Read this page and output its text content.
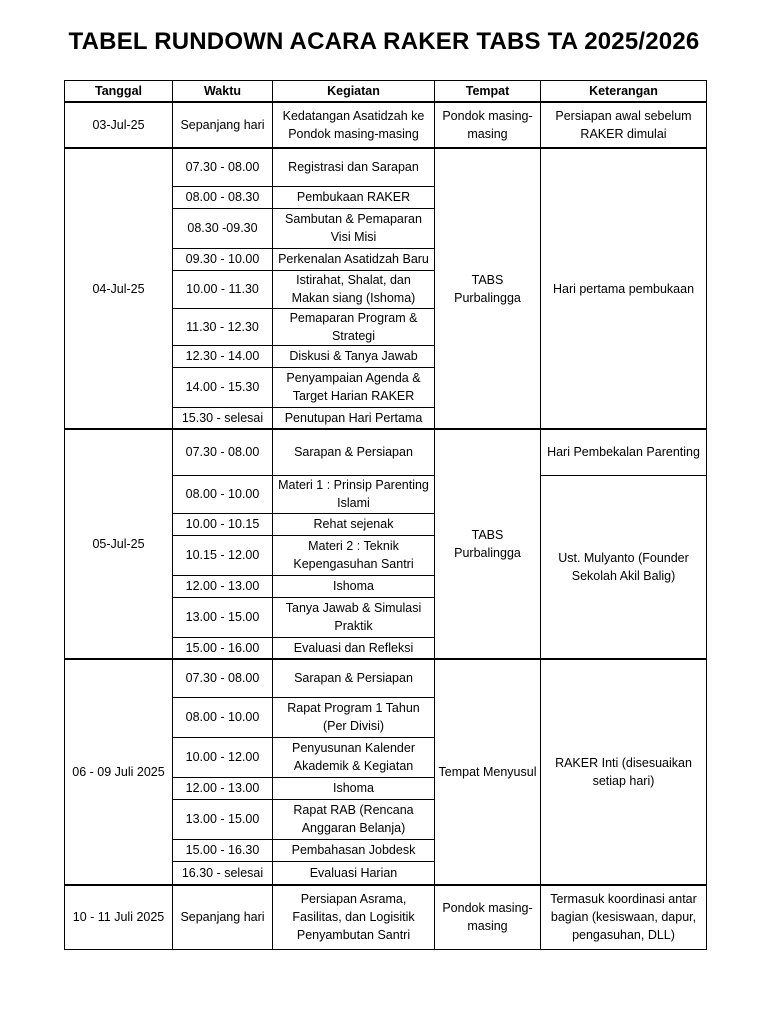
TABEL RUNDOWN ACARA RAKER TABS TA 2025/2026
Tanggal	Waktu	Kegiatan	Tempat	Keterangan
03-Jul-25	Sepanjang hari	Kedatangan Asatidzah ke Pondok masing-masing	Pondok masing-masing	Persiapan awal sebelum RAKER dimulai
04-Jul-25	07.30 - 08.00	Registrasi dan Sarapan	TABS Purbalingga	Hari pertama pembukaan
	08.00 - 08.30	Pembukaan RAKER		
	08.30 -09.30	Sambutan & Pemaparan Visi Misi		
	09.30 - 10.00	Perkenalan Asatidzah Baru		
	10.00 - 11.30	Istirahat, Shalat, dan Makan siang (Ishoma)		
	11.30 - 12.30	Pemaparan Program & Strategi		
	12.30 - 14.00	Diskusi & Tanya Jawab		
	14.00 - 15.30	Penyampaian Agenda & Target Harian RAKER		
	15.30 - selesai	Penutupan Hari Pertama		
05-Jul-25	07.30 - 08.00	Sarapan & Persiapan	TABS Purbalingga	Hari Pembekalan Parenting
	08.00 - 10.00	Materi 1 : Prinsip Parenting Islami		Ust. Mulyanto (Founder Sekolah Akil Balig)
	10.00 - 10.15	Rehat sejenak		
	10.15 - 12.00	Materi 2 : Teknik Kepengasuhan Santri		
	12.00 - 13.00	Ishoma		
	13.00 - 15.00	Tanya Jawab & Simulasi Praktik		
	15.00 - 16.00	Evaluasi dan Refleksi		
06 - 09 Juli 2025	07.30 - 08.00	Sarapan & Persiapan	Tempat Menyusul	RAKER Inti (disesuaikan setiap hari)
	08.00 - 10.00	Rapat Program 1 Tahun (Per Divisi)		
	10.00 - 12.00	Penyusunan Kalender Akademik & Kegiatan		
	12.00 - 13.00	Ishoma		
	13.00 - 15.00	Rapat RAB (Rencana Anggaran Belanja)		
	15.00 - 16.30	Pembahasan Jobdesk		
	16.30 - selesai	Evaluasi Harian		
10 - 11 Juli 2025	Sepanjang hari	Persiapan Asrama, Fasilitas, dan Logisitik Penyambutan Santri	Pondok masing-masing	Termasuk koordinasi antar bagian (kesiswaan, dapur, pengasuhan, DLL)
